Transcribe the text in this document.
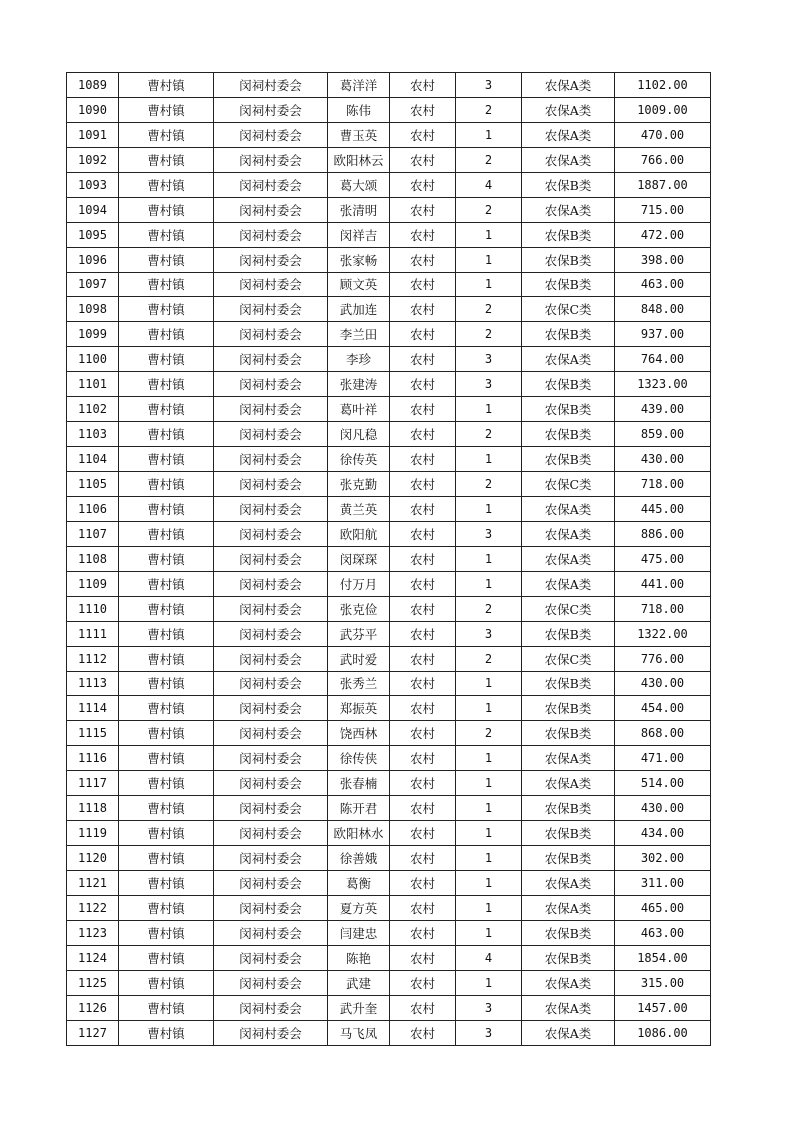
1089	曹村镇	闵祠村委会	葛洋洋	农村	3	农保A类	1102.00
1090	曹村镇	闵祠村委会	陈伟	农村	2	农保A类	1009.00
1091	曹村镇	闵祠村委会	曹玉英	农村	1	农保A类	470.00
1092	曹村镇	闵祠村委会	欧阳林云	农村	2	农保A类	766.00
1093	曹村镇	闵祠村委会	葛大颂	农村	4	农保B类	1887.00
1094	曹村镇	闵祠村委会	张清明	农村	2	农保A类	715.00
1095	曹村镇	闵祠村委会	闵祥吉	农村	1	农保B类	472.00
1096	曹村镇	闵祠村委会	张家畅	农村	1	农保B类	398.00
1097	曹村镇	闵祠村委会	顾文英	农村	1	农保B类	463.00
1098	曹村镇	闵祠村委会	武加连	农村	2	农保C类	848.00
1099	曹村镇	闵祠村委会	李兰田	农村	2	农保B类	937.00
1100	曹村镇	闵祠村委会	李珍	农村	3	农保A类	764.00
1101	曹村镇	闵祠村委会	张建涛	农村	3	农保B类	1323.00
1102	曹村镇	闵祠村委会	葛叶祥	农村	1	农保B类	439.00
1103	曹村镇	闵祠村委会	闵凡稳	农村	2	农保B类	859.00
1104	曹村镇	闵祠村委会	徐传英	农村	1	农保B类	430.00
1105	曹村镇	闵祠村委会	张克勤	农村	2	农保C类	718.00
1106	曹村镇	闵祠村委会	黄兰英	农村	1	农保A类	445.00
1107	曹村镇	闵祠村委会	欧阳航	农村	3	农保A类	886.00
1108	曹村镇	闵祠村委会	闵琛琛	农村	1	农保A类	475.00
1109	曹村镇	闵祠村委会	付万月	农村	1	农保A类	441.00
1110	曹村镇	闵祠村委会	张克俭	农村	2	农保C类	718.00
1111	曹村镇	闵祠村委会	武芬平	农村	3	农保B类	1322.00
1112	曹村镇	闵祠村委会	武时爱	农村	2	农保C类	776.00
1113	曹村镇	闵祠村委会	张秀兰	农村	1	农保B类	430.00
1114	曹村镇	闵祠村委会	郑振英	农村	1	农保B类	454.00
1115	曹村镇	闵祠村委会	饶西林	农村	2	农保B类	868.00
1116	曹村镇	闵祠村委会	徐传侠	农村	1	农保A类	471.00
1117	曹村镇	闵祠村委会	张春楠	农村	1	农保A类	514.00
1118	曹村镇	闵祠村委会	陈开君	农村	1	农保B类	430.00
1119	曹村镇	闵祠村委会	欧阳林水	农村	1	农保B类	434.00
1120	曹村镇	闵祠村委会	徐善娥	农村	1	农保B类	302.00
1121	曹村镇	闵祠村委会	葛衡	农村	1	农保A类	311.00
1122	曹村镇	闵祠村委会	夏方英	农村	1	农保A类	465.00
1123	曹村镇	闵祠村委会	闫建忠	农村	1	农保B类	463.00
1124	曹村镇	闵祠村委会	陈艳	农村	4	农保B类	1854.00
1125	曹村镇	闵祠村委会	武建	农村	1	农保A类	315.00
1126	曹村镇	闵祠村委会	武升奎	农村	3	农保A类	1457.00
1127	曹村镇	闵祠村委会	马飞凤	农村	3	农保A类	1086.00
